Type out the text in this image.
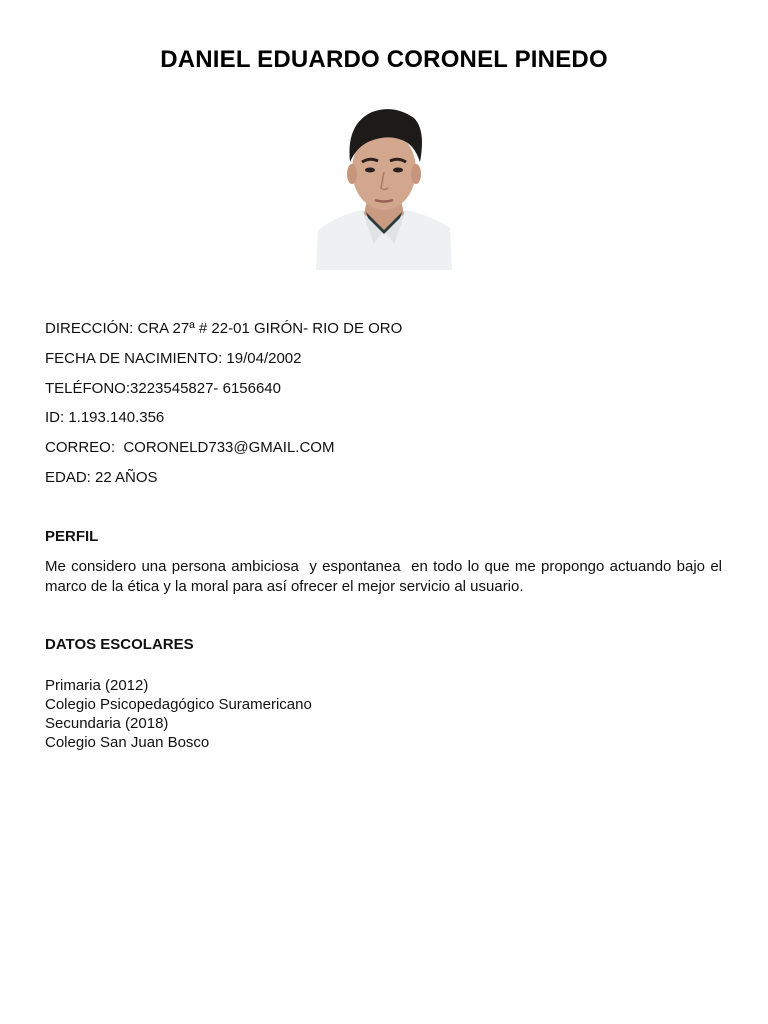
DANIEL EDUARDO CORONEL PINEDO
DIRECCIÓN: CRA 27ª # 22-01 GIRÓN- RIO DE ORO
FECHA DE NACIMIENTO: 19/04/2002
TELÉFONO:3223545827- 6156640
ID: 1.193.140.356
CORREO:  CORONELD733@GMAIL.COM
EDAD: 22 AÑOS
PERFIL
Me considero una persona ambiciosa  y espontanea  en todo lo que me propongo actuando bajo el marco de la ética y la moral para así ofrecer el mejor servicio al usuario.
DATOS ESCOLARES
Primaria (2012)
Colegio Psicopedagógico Suramericano
Secundaria (2018)
Colegio San Juan Bosco
